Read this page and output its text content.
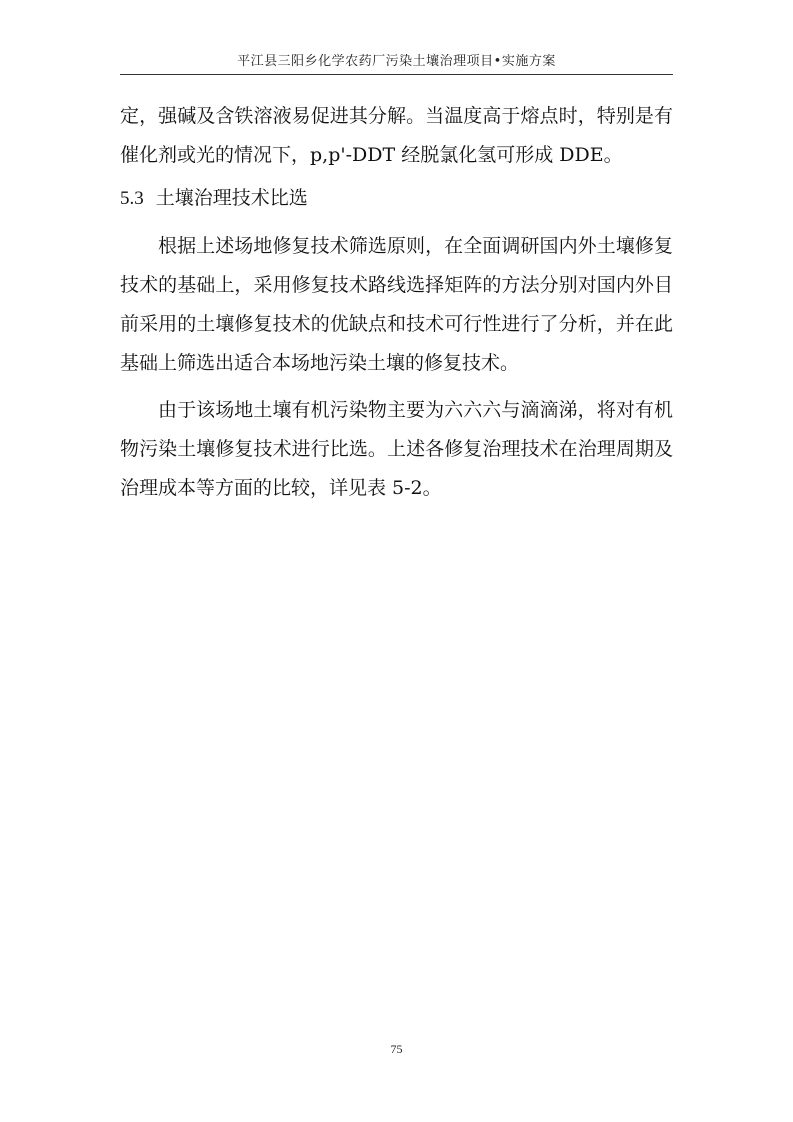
平江县三阳乡化学农药厂污染土壤治理项目•实施方案
定，强碱及含铁溶液易促进其分解。当温度高于熔点时，特别是有催化剂或光的情况下，p,p'-DDT 经脱氯化氢可形成 DDE。
5.3 土壤治理技术比选
根据上述场地修复技术筛选原则，在全面调研国内外土壤修复技术的基础上，采用修复技术路线选择矩阵的方法分别对国内外目前采用的土壤修复技术的优缺点和技术可行性进行了分析，并在此基础上筛选出适合本场地污染土壤的修复技术。
由于该场地土壤有机污染物主要为六六六与滴滴涕，将对有机物污染土壤修复技术进行比选。上述各修复治理技术在治理周期及治理成本等方面的比较，详见表 5-2。
75
